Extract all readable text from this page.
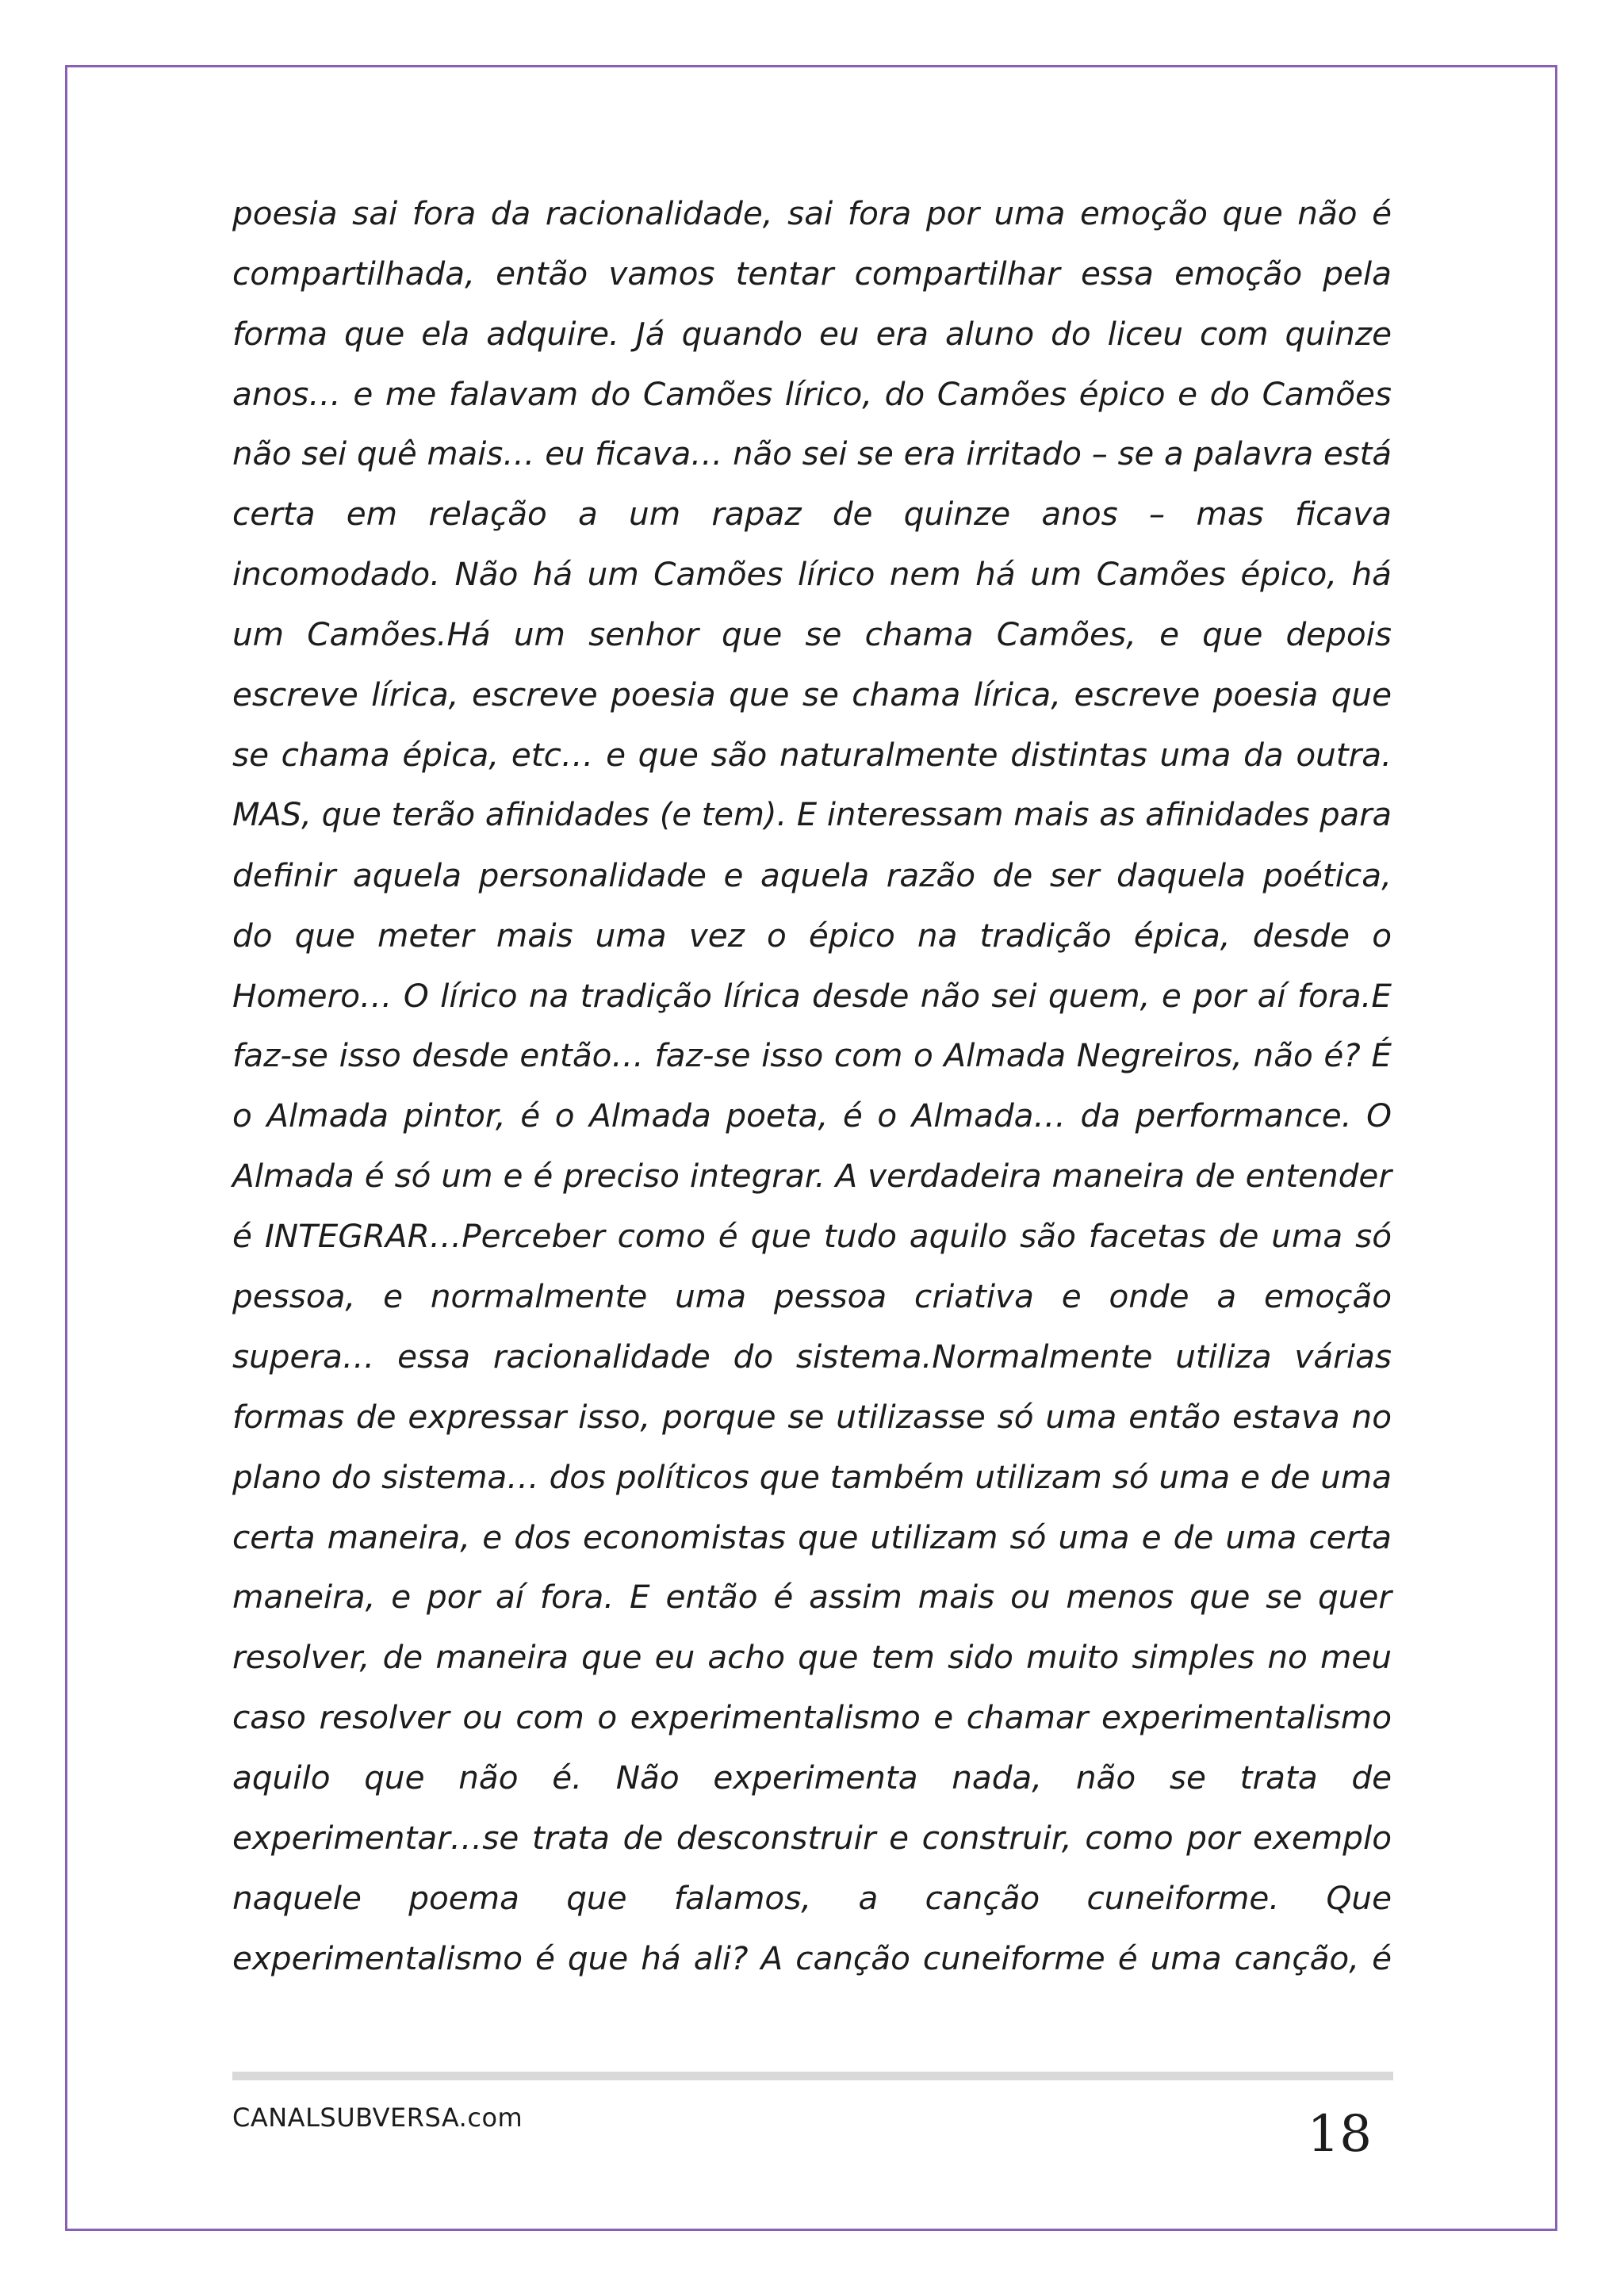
poesia sai fora da racionalidade, sai fora por uma emoção que não é
compartilhada, então vamos tentar compartilhar essa emoção pela
forma que ela adquire. Já quando eu era aluno do liceu com quinze
anos… e me falavam do Camões lírico, do Camões épico e do Camões
não sei quê mais… eu ficava… não sei se era irritado – se a palavra está
certa em relação a um rapaz de quinze anos – mas ficava
incomodado. Não há um Camões lírico nem há um Camões épico, há
um Camões.Há um senhor que se chama Camões, e que depois
escreve lírica, escreve poesia que se chama lírica, escreve poesia que
se chama épica, etc… e que são naturalmente distintas uma da outra.
MAS, que terão afinidades (e tem). E interessam mais as afinidades para
definir aquela personalidade e aquela razão de ser daquela poética,
do que meter mais uma vez o épico na tradição épica, desde o
Homero… O lírico na tradição lírica desde não sei quem, e por aí fora.E
faz-se isso desde então… faz-se isso com o Almada Negreiros, não é? É
o Almada pintor, é o Almada poeta, é o Almada… da performance. O
Almada é só um e é preciso integrar. A verdadeira maneira de entender
é INTEGRAR…Perceber como é que tudo aquilo são facetas de uma só
pessoa, e normalmente uma pessoa criativa e onde a emoção
supera… essa racionalidade do sistema.Normalmente utiliza várias
formas de expressar isso, porque se utilizasse só uma então estava no
plano do sistema… dos políticos que também utilizam só uma e de uma
certa maneira, e dos economistas que utilizam só uma e de uma certa
maneira, e por aí fora. E então é assim mais ou menos que se quer
resolver, de maneira que eu acho que tem sido muito simples no meu
caso resolver ou com o experimentalismo e chamar experimentalismo
aquilo que não é. Não experimenta nada, não se trata de
experimentar…se trata de desconstruir e construir, como por exemplo
naquele poema que falamos, a canção cuneiforme. Que
experimentalismo é que há ali? A canção cuneiforme é uma canção, é
CANALSUBVERSA.com	18
